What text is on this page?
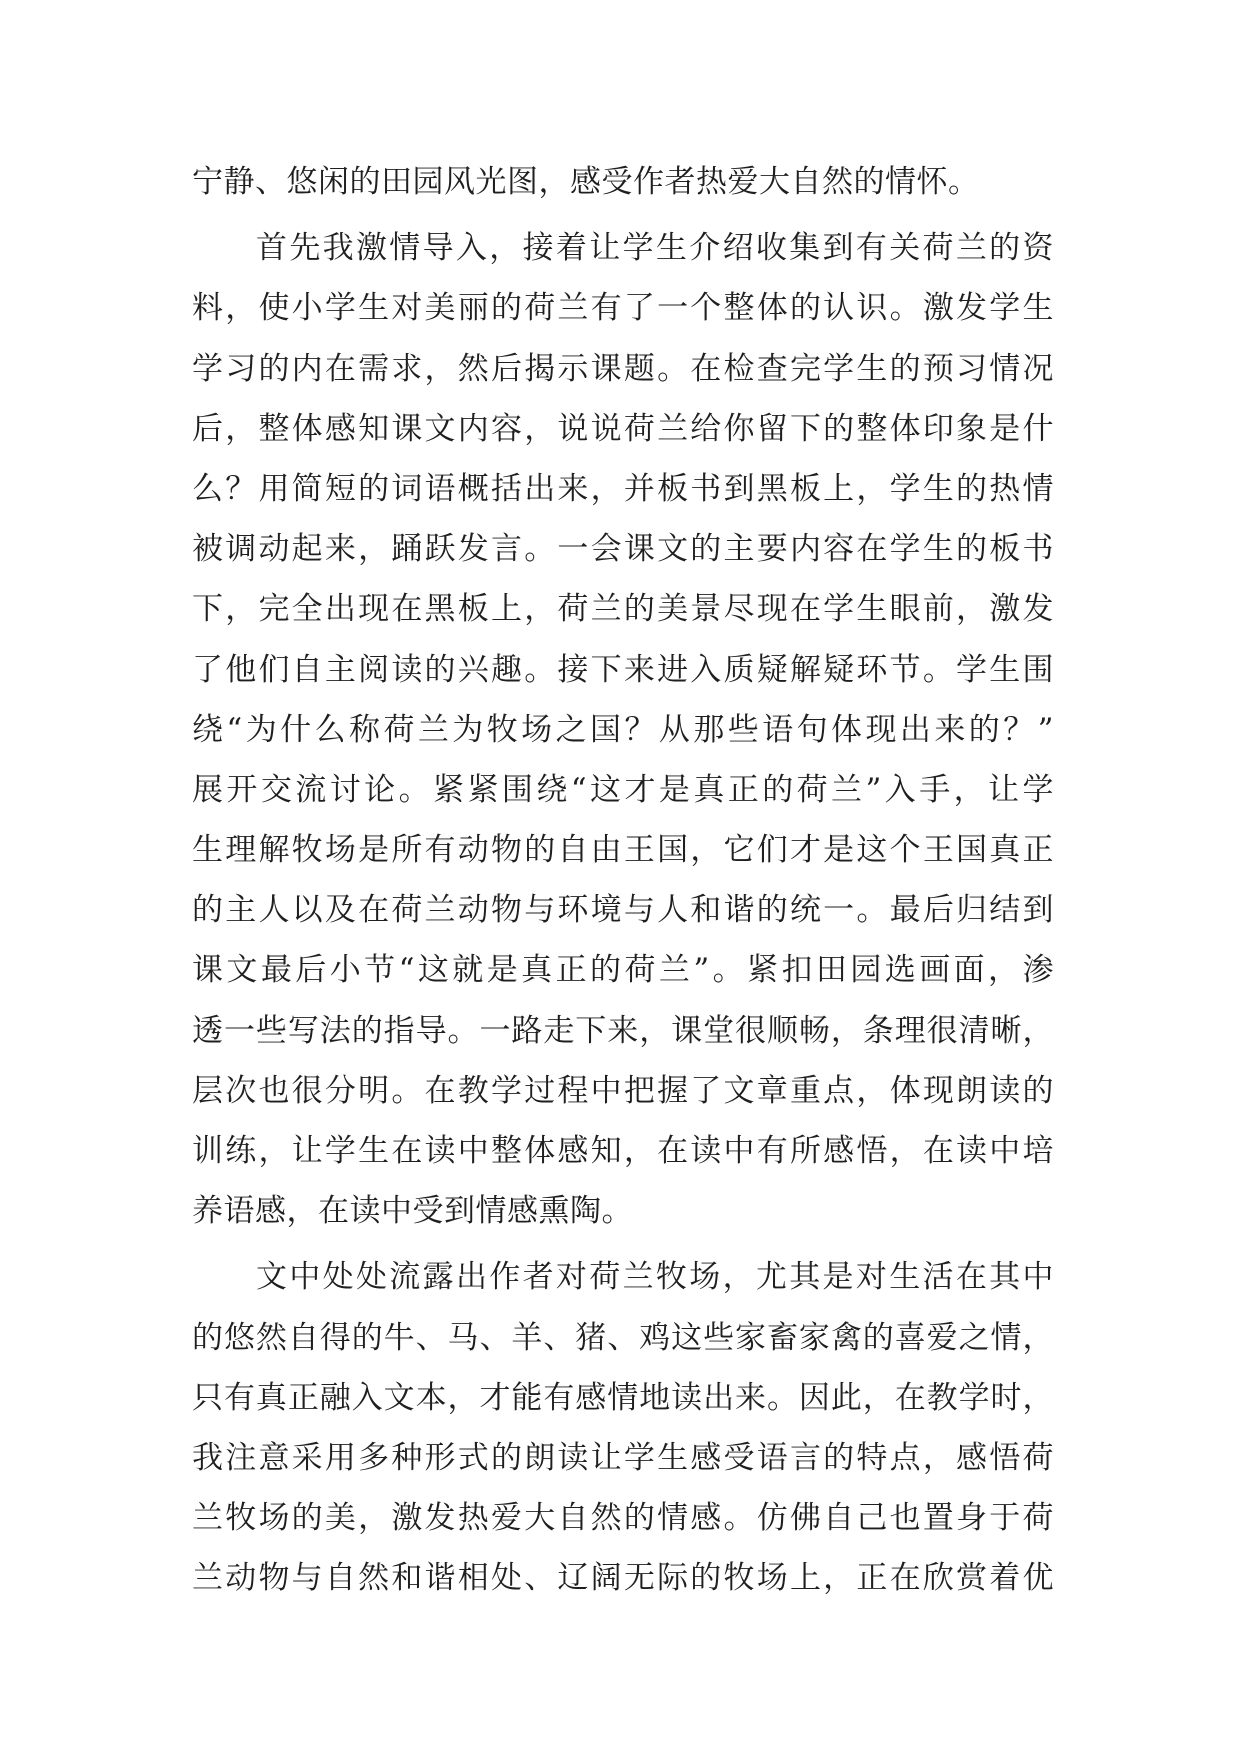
宁静、悠闲的田园风光图，感受作者热爱大自然的情怀。
首先我激情导入，接着让学生介绍收集到有关荷兰的资
料，使小学生对美丽的荷兰有了一个整体的认识。激发学生
学习的内在需求，然后揭示课题。在检查完学生的预习情况
后，整体感知课文内容，说说荷兰给你留下的整体印象是什
么？用简短的词语概括出来，并板书到黑板上，学生的热情
被调动起来，踊跃发言。一会课文的主要内容在学生的板书
下，完全出现在黑板上，荷兰的美景尽现在学生眼前，激发
了他们自主阅读的兴趣。接下来进入质疑解疑环节。学生围
绕“为什么称荷兰为牧场之国？从那些语句体现出来的？”
展开交流讨论。紧紧围绕“这才是真正的荷兰”入手，让学
生理解牧场是所有动物的自由王国，它们才是这个王国真正
的主人以及在荷兰动物与环境与人和谐的统一。最后归结到
课文最后小节“这就是真正的荷兰”。紧扣田园选画面，渗
透一些写法的指导。一路走下来，课堂很顺畅，条理很清晰，
层次也很分明。在教学过程中把握了文章重点，体现朗读的
训练，让学生在读中整体感知，在读中有所感悟，在读中培
养语感，在读中受到情感熏陶。
文中处处流露出作者对荷兰牧场，尤其是对生活在其中
的悠然自得的牛、马、羊、猪、鸡这些家畜家禽的喜爱之情，
只有真正融入文本，才能有感情地读出来。因此，在教学时，
我注意采用多种形式的朗读让学生感受语言的特点，感悟荷
兰牧场的美，激发热爱大自然的情感。仿佛自己也置身于荷
兰动物与自然和谐相处、辽阔无际的牧场上，正在欣赏着优
